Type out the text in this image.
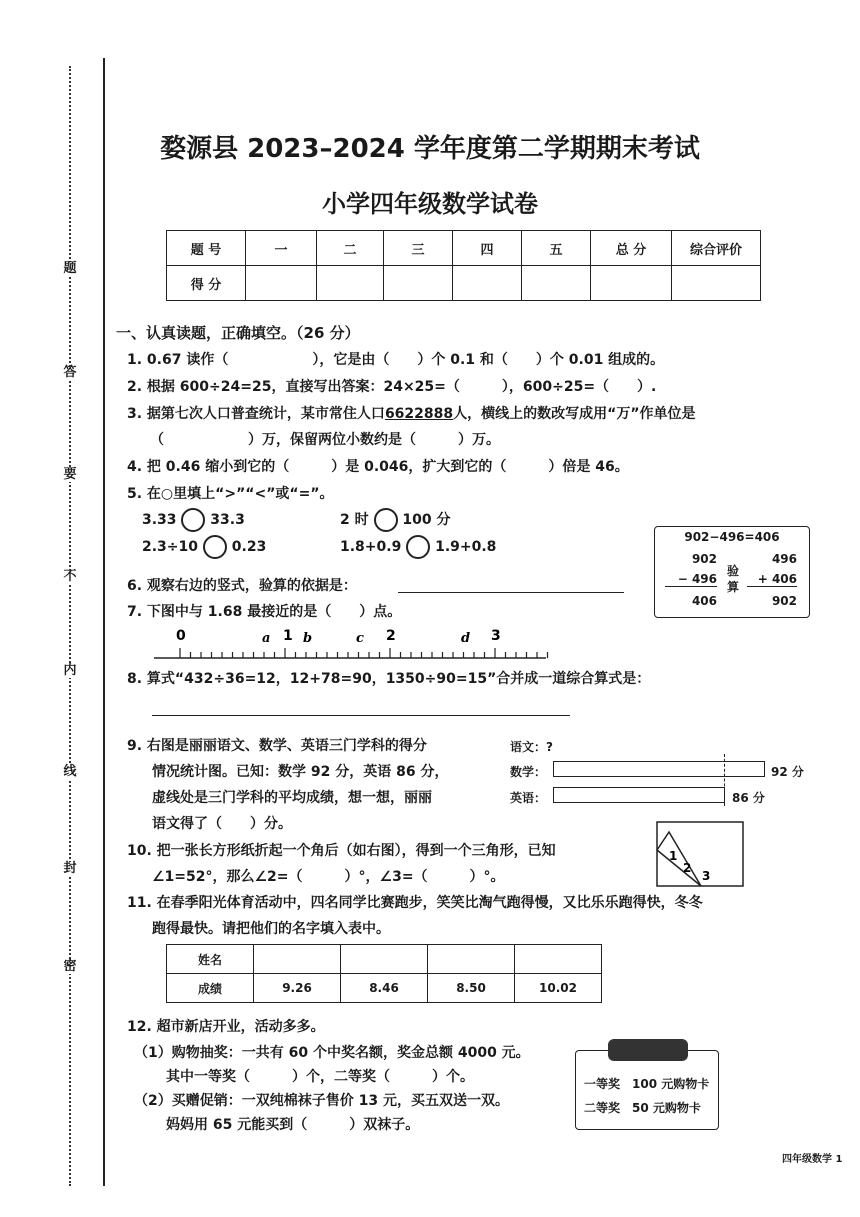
题
答
要
不
内
线
封
密
婺源县 2023–2024 学年度第二学期期末考试
小学四年级数学试卷
题 号	一	二	三	四	五	总 分	综合评价
得 分							
一、认真读题，正确填空。（26 分）
1. 0.67 读作（　　　　　　），它是由（　　）个 0.1 和（　　）个 0.01 组成的。
2. 根据 600÷24=25，直接写出答案：24×25=（　　　），600÷25=（　　）.
3. 据第七次人口普查统计，某市常住人口6622888人，横线上的数改写成用“万”作单位是
（　　　　　　）万，保留两位小数约是（　　　）万。
4. 把 0.46 缩小到它的（　　　）是 0.046，扩大到它的（　　　）倍是 46。
5. 在○里填上“>”“<”或“=”。
3.33 33.3	2 时 100 分
2.3÷10 0.23	1.8+0.9 1.9+0.8
902−496=406
902
− 496
406
验算
496
+ 406
902
6. 观察右边的竖式，验算的依据是：
7. 下图中与 1.68 最接近的是（　　）点。
0	1	2	3
a	b	c	d
8. 算式“432÷36=12，12+78=90，1350÷90=15”合并成一道综合算式是：
9. 右图是丽丽语文、数学、英语三门学科的得分
情况统计图。已知：数学 92 分，英语 86 分，
虚线处是三门学科的平均成绩，想一想，丽丽
语文得了（　　）分。
语文：?
数学：
英语：
92 分
86 分
10. 把一张长方形纸折起一个角后（如右图），得到一个三角形，已知
∠1=52°，那么∠2=（　　　）°，∠3=（　　　）°。
1
2
3
11. 在春季阳光体育活动中，四名同学比赛跑步，笑笑比淘气跑得慢，又比乐乐跑得快，冬冬
跑得最快。请把他们的名字填入表中。
姓名				
成绩	9.26	8.46	8.50	10.02
12. 超市新店开业，活动多多。
（1）购物抽奖：一共有 60 个中奖名额，奖金总额 4000 元。
其中一等奖（　　　）个，二等奖（　　　）个。
（2）买赠促销：一双纯棉袜子售价 13 元，买五双送一双。
妈妈用 65 元能买到（　　　）双袜子。
一等奖　100 元购物卡
二等奖　50 元购物卡
四年级数学 1
